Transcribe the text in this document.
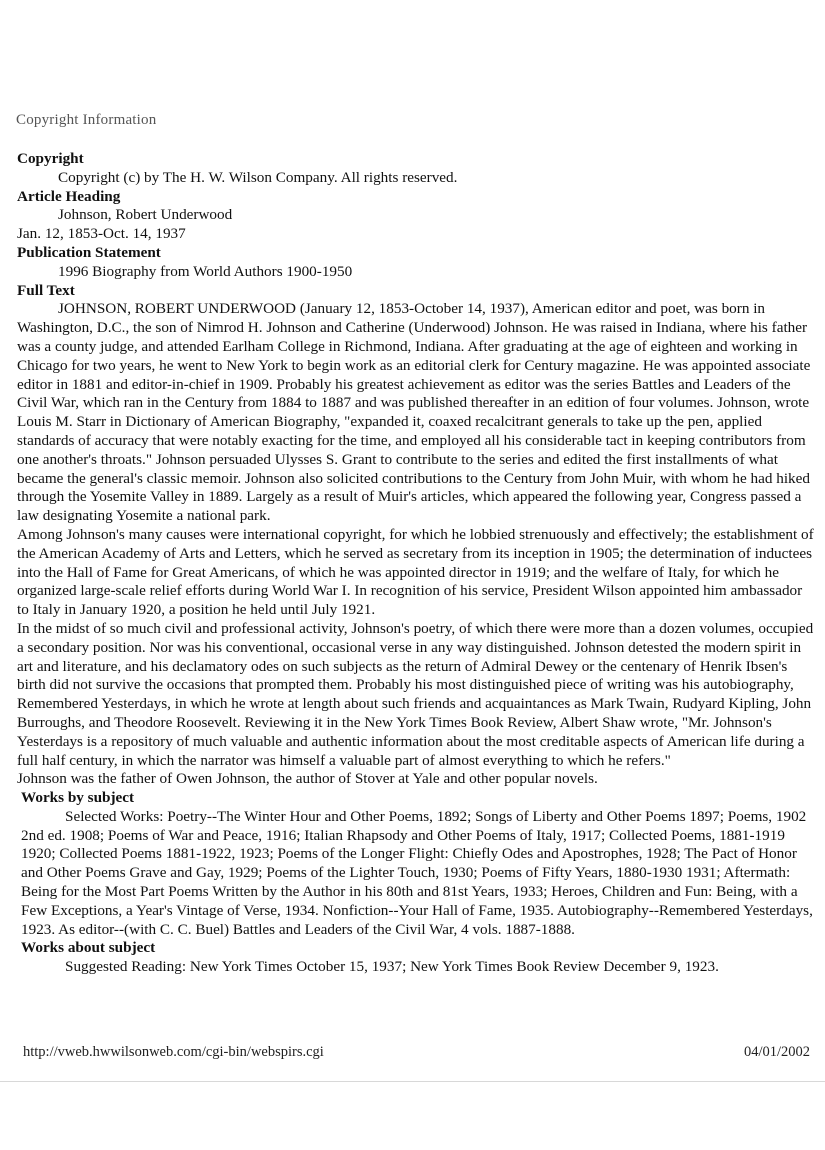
Copyright Information
Copyright
Copyright (c) by The H. W. Wilson Company. All rights reserved.
Article Heading
Johnson, Robert Underwood
Jan. 12, 1853-Oct. 14, 1937
Publication Statement
1996 Biography from World Authors 1900-1950
Full Text

JOHNSON, ROBERT UNDERWOOD (January 12, 1853-October 14, 1937), American editor and poet, was born in Washington, D.C., the son of Nimrod H. Johnson and Catherine (Underwood) Johnson. He was raised in Indiana, where his father was a county judge, and attended Earlham College in Richmond, Indiana. After graduating at the age of eighteen and working in Chicago for two years, he went to New York to begin work as an editorial clerk for Century magazine. He was appointed associate editor in 1881 and editor-in-chief in 1909. Probably his greatest achievement as editor was the series Battles and Leaders of the Civil War, which ran in the Century from 1884 to 1887 and was published thereafter in an edition of four volumes. Johnson, wrote Louis M. Starr in Dictionary of American Biography, "expanded it, coaxed recalcitrant generals to take up the pen, applied standards of accuracy that were notably exacting for the time, and employed all his considerable tact in keeping contributors from one another's throats." Johnson persuaded Ulysses S. Grant to contribute to the series and edited the first installments of what became the general's classic memoir. Johnson also solicited contributions to the Century from John Muir, with whom he had hiked through the Yosemite Valley in 1889. Largely as a result of Muir's articles, which appeared the following year, Congress passed a law designating Yosemite a national park.

Among Johnson's many causes were international copyright, for which he lobbied strenuously and effectively; the establishment of the American Academy of Arts and Letters, which he served as secretary from its inception in 1905; the determination of inductees into the Hall of Fame for Great Americans, of which he was appointed director in 1919; and the welfare of Italy, for which he organized large-scale relief efforts during World War I. In recognition of his service, President Wilson appointed him ambassador to Italy in January 1920, a position he held until July 1921.

In the midst of so much civil and professional activity, Johnson's poetry, of which there were more than a dozen volumes, occupied a secondary position. Nor was his conventional, occasional verse in any way distinguished. Johnson detested the modern spirit in art and literature, and his declamatory odes on such subjects as the return of Admiral Dewey or the centenary of Henrik Ibsen's birth did not survive the occasions that prompted them. Probably his most distinguished piece of writing was his autobiography, Remembered Yesterdays, in which he wrote at length about such friends and acquaintances as Mark Twain, Rudyard Kipling, John Burroughs, and Theodore Roosevelt. Reviewing it in the New York Times Book Review, Albert Shaw wrote, "Mr. Johnson's Yesterdays is a repository of much valuable and authentic information about the most creditable aspects of American life during a full half century, in which the narrator was himself a valuable part of almost everything to which he refers."

Johnson was the father of Owen Johnson, the author of Stover at Yale and other popular novels.

Works by subject
Selected Works: Poetry--The Winter Hour and Other Poems, 1892; Songs of Liberty and Other Poems 1897; Poems, 1902 2nd ed. 1908; Poems of War and Peace, 1916; Italian Rhapsody and Other Poems of Italy, 1917; Collected Poems, 1881-1919 1920; Collected Poems 1881-1922, 1923; Poems of the Longer Flight: Chiefly Odes and Apostrophes, 1928; The Pact of Honor and Other Poems Grave and Gay, 1929; Poems of the Lighter Touch, 1930; Poems of Fifty Years, 1880-1930 1931; Aftermath: Being for the Most Part Poems Written by the Author in his 80th and 81st Years, 1933; Heroes, Children and Fun: Being, with a Few Exceptions, a Year's Vintage of Verse, 1934. Nonfiction--Your Hall of Fame, 1935. Autobiography--Remembered Yesterdays, 1923. As editor--(with C. C. Buel) Battles and Leaders of the Civil War, 4 vols. 1887-1888.
Works about subject
Suggested Reading: New York Times October 15, 1937; New York Times Book Review December 9, 1923.
http://vweb.hwwilsonweb.com/cgi-bin/webspirs.cgi	04/01/2002
